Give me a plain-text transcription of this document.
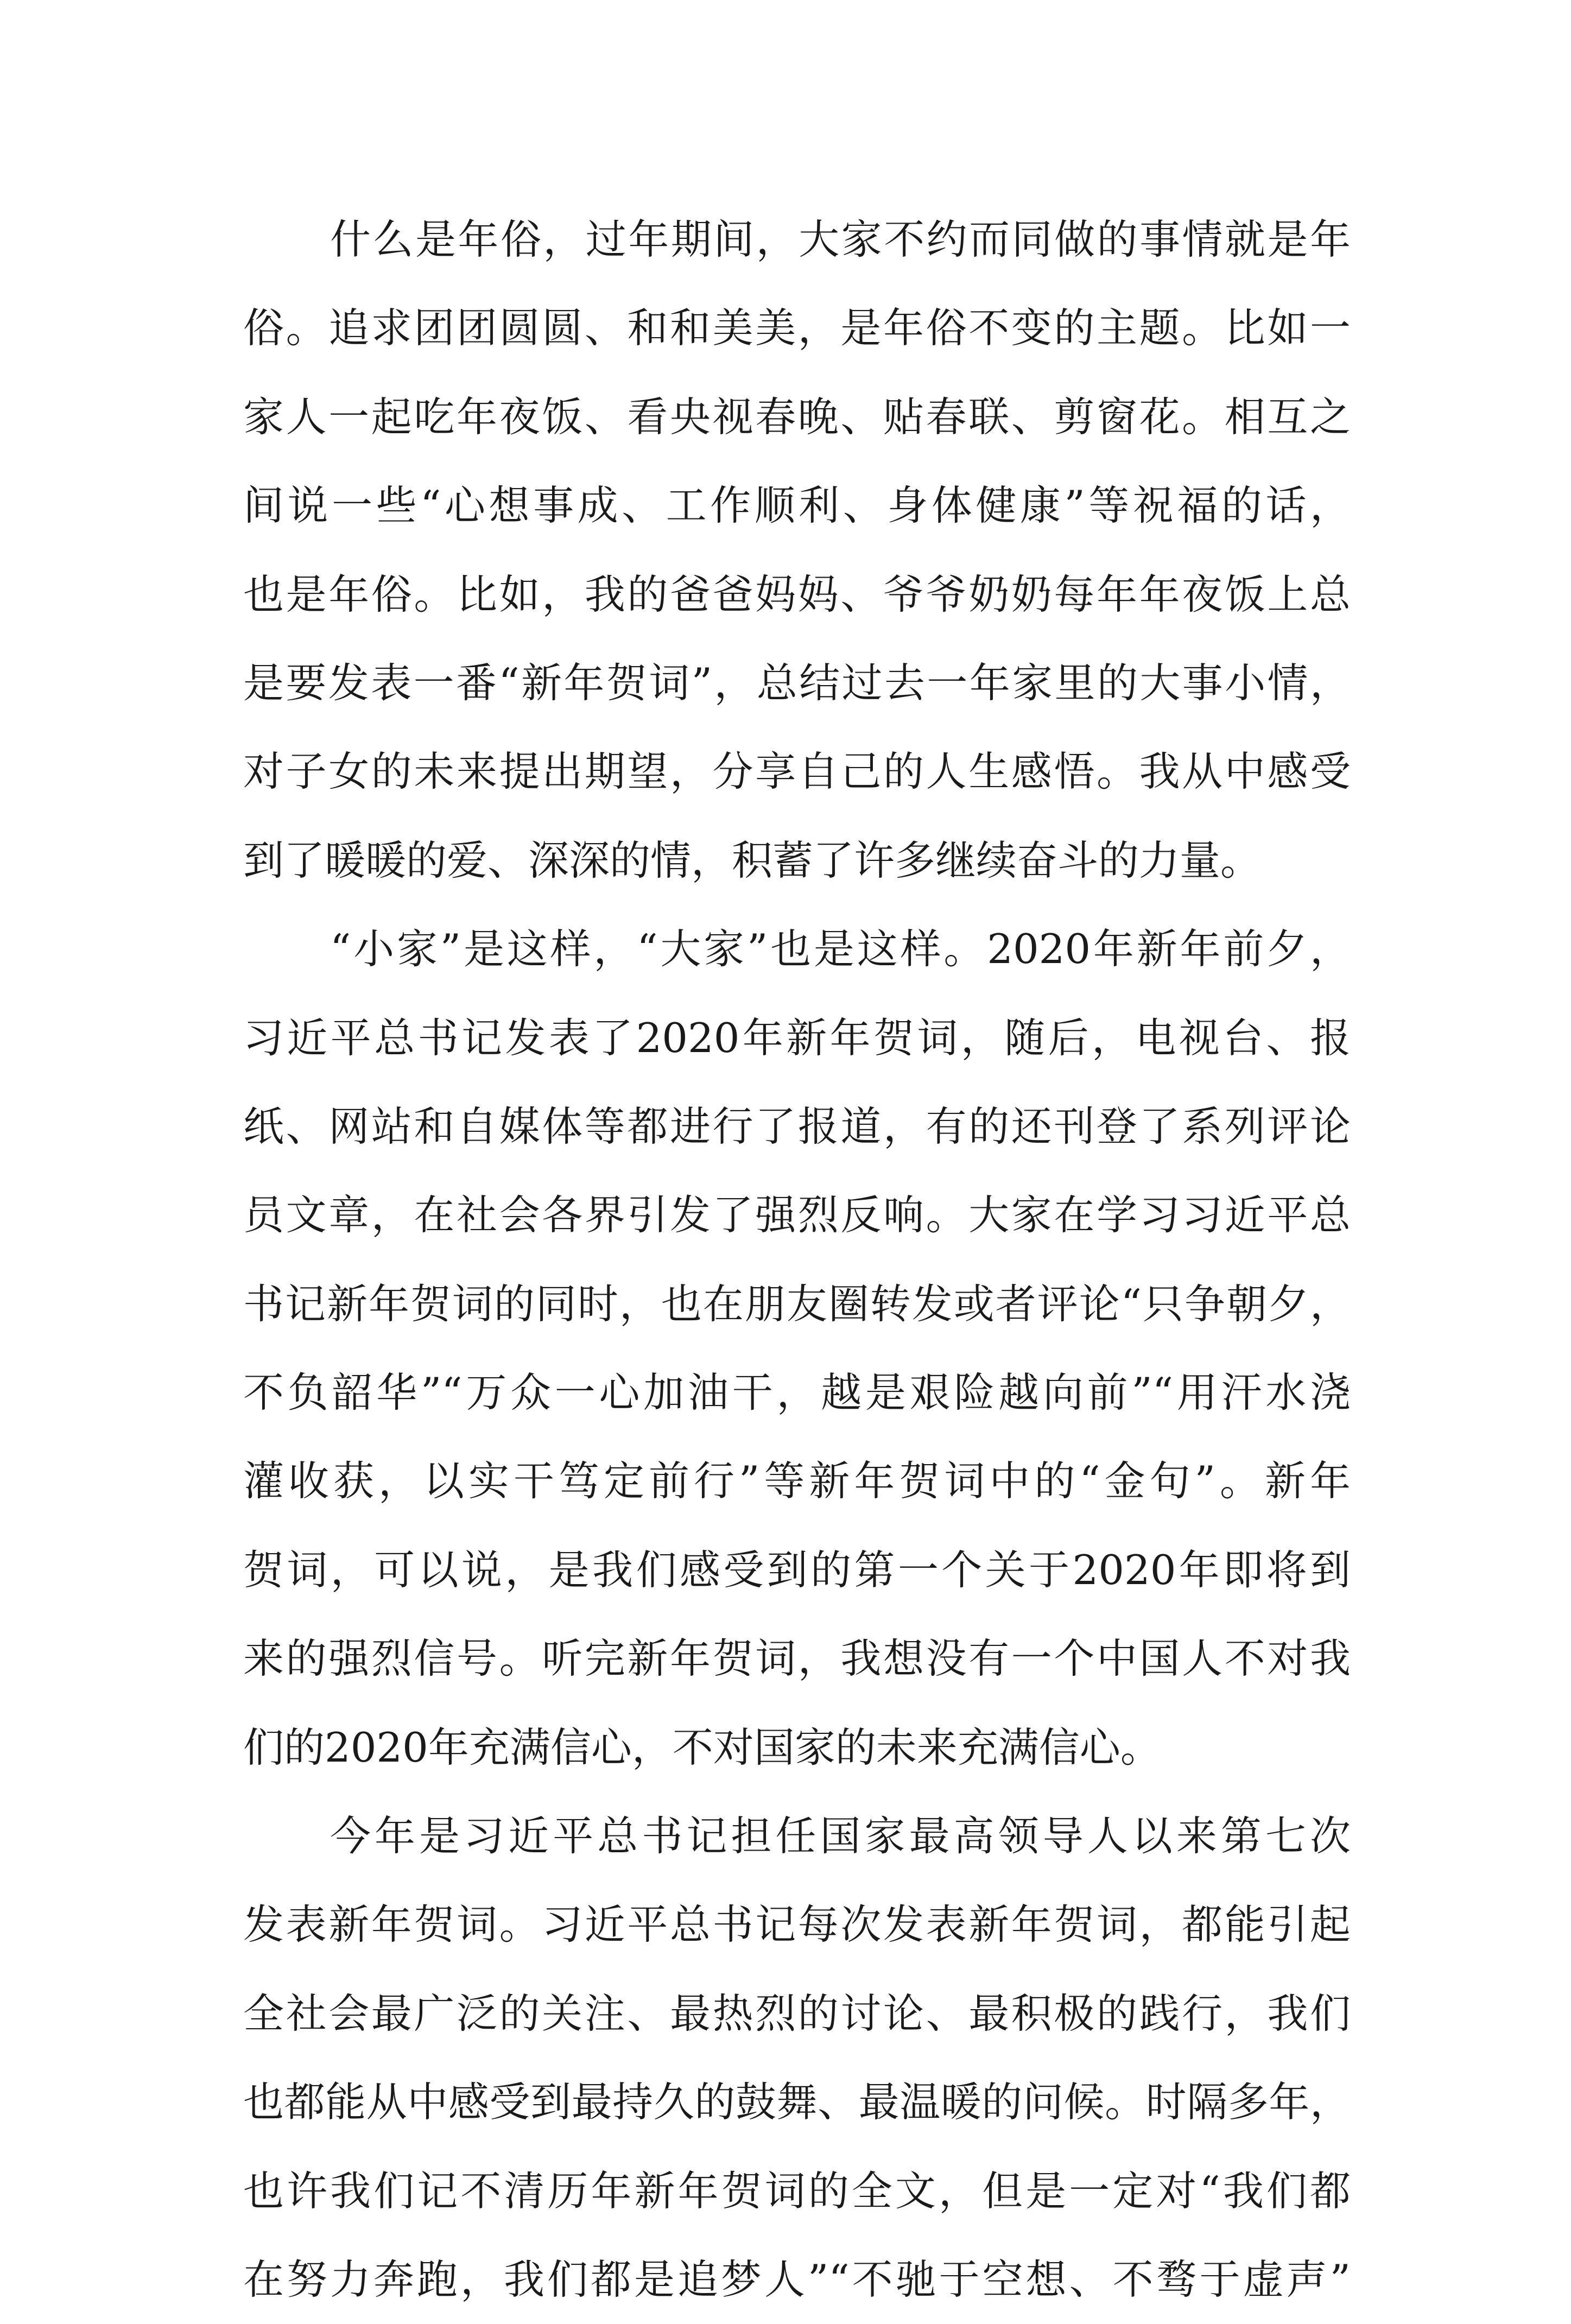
什么是年俗，过年期间，大家不约而同做的事情就是年
俗。追求团团圆圆、和和美美，是年俗不变的主题。比如一
家人一起吃年夜饭、看央视春晚、贴春联、剪窗花。相互之
间说一些“心想事成、工作顺利、身体健康”等祝福的话，
也是年俗。比如，我的爸爸妈妈、爷爷奶奶每年年夜饭上总
是要发表一番“新年贺词”，总结过去一年家里的大事小情，
对子女的未来提出期望，分享自己的人生感悟。我从中感受
到了暖暖的爱、深深的情，积蓄了许多继续奋斗的力量。
“小家”是这样，“大家”也是这样。2020年新年前夕，
习近平总书记发表了2020年新年贺词，随后，电视台、报
纸、网站和自媒体等都进行了报道，有的还刊登了系列评论
员文章，在社会各界引发了强烈反响。大家在学习习近平总
书记新年贺词的同时，也在朋友圈转发或者评论“只争朝夕，
不负韶华”“万众一心加油干，越是艰险越向前”“用汗水浇
灌收获，以实干笃定前行”等新年贺词中的“金句”。新年
贺词，可以说，是我们感受到的第一个关于2020年即将到
来的强烈信号。听完新年贺词，我想没有一个中国人不对我
们的2020年充满信心，不对国家的未来充满信心。
今年是习近平总书记担任国家最高领导人以来第七次
发表新年贺词。习近平总书记每次发表新年贺词，都能引起
全社会最广泛的关注、最热烈的讨论、最积极的践行，我们
也都能从中感受到最持久的鼓舞、最温暖的问候。时隔多年，
也许我们记不清历年新年贺词的全文，但是一定对“我们都
在努力奔跑，我们都是追梦人”“不驰于空想、不骛于虚声”
